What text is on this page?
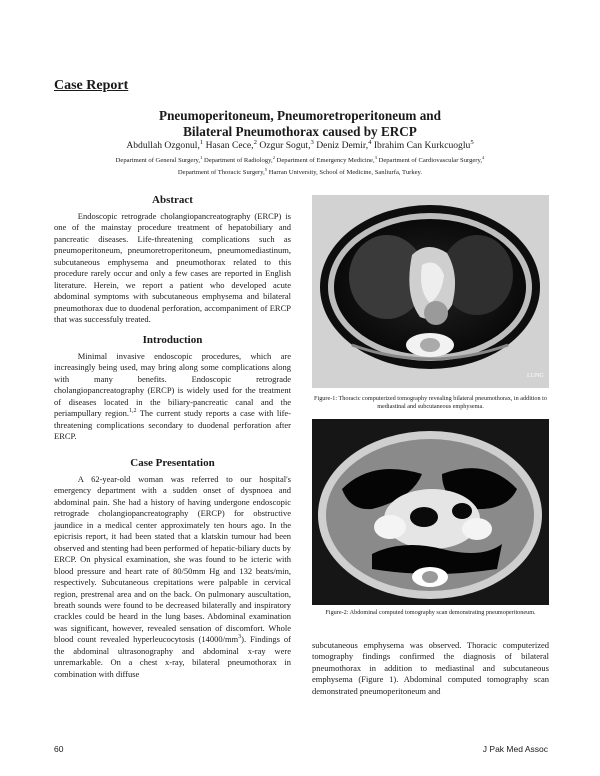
Case Report
Pneumoperitoneum, Pneumoretroperitoneum and
Bilateral Pneumothorax caused by ERCP
Abdullah Ozgonul,$^1$ Hasan Cece,$^2$ Ozgur Sogut,$^3$ Deniz Demir,$^4$ Ibrahim Can Kurkcuoglu$^5$
Department of General Surgery,$^1$ Department of Radiology,$^2$ Department of Emergency Medicine,$^3$ Department of Cardiovascular Surgery,$^4$
Department of Thoracic Surgery,$^5$ Harran University, School of Medicine, Sanliurfa, Turkey.
Abstract

Endoscopic retrograde cholangiopancreatography (ERCP) is one of the mainstay procedure treatment of hepatobiliary and pancreatic diseases. Life-threatening complications such as pneumoperitoneum, pneumoretroperitoneum, pneumomediastinum, subcutaneous emphysema and pneumothorax related to this procedure rarely occur and only a few cases are reported in English literature. Herein, we report a patient who developed acute abdominal symptoms with subcutaneous emphysema and bilateral pneumothorax due to duodenal perforation, accompaniment of ERCP that was successfuly treated.

Introduction

Minimal invasive endoscopic procedures, which are increasingly being used, may bring along some complications along with many benefits. Endoscopic retrograde cholangiopancreatography (ERCP) is widely used for the treatment of diseases located in the biliary-pancreatic canal and the periampullary region.$^{1,2}$ The current study reports a case with life-threatening complications secondary to duodenal perforation after ERCP.

Case Presentation

A 62-year-old woman was referred to our hospital's emergency department with a sudden onset of dyspnoea and abdominal pain. She had a history of having undergone endoscopic retrograde cholangiopancreatography (ERCP) for obstructive jaundice in a medical center approximately ten hours ago. In the epicrisis report, it had been stated that a klatskin tumour had been observed and stenting had been performed of hepatic-biliary ducts by ERCP. On physical examination, she was found to be icteric with blood pressure and heart rate of 80/50mm Hg and 132 beats/min, respectively. Subcutaneous crepitations were palpable in cervical region, prestrenal area and on the back. On pulmonary auscultation, breath sounds were found to be decreased bilaterally and inspiratory crackles could be heard in the lung bases. Abdominal examination was significant, however, revealed sensation of discomfort. Whole blood count revealed hyperleucocytosis $(14000/mm^3)$. Findings of the abdominal ultrasonography and abdominal x-ray were unremarkable. On a chest x-ray, bilateral pneumothorax in combination with diffuse

LUNG
Figure-1: Thoracic computerized tomography revealing bilateral pneumothorax, in addition to mediastinal and subcutaneous emphysema.
Figure-2: Abdominal computed tomography scan demonstrating pneumoperitoneum.

subcutaneous emphysema was observed. Thoracic computerized tomography findings confirmed the diagnosis of bilateral pneumothorax in addition to mediastinal and subcutaneous emphysema (Figure 1). Abdominal computed tomography scan demonstrated pneumoperitoneum and

60	J Pak Med Assoc
